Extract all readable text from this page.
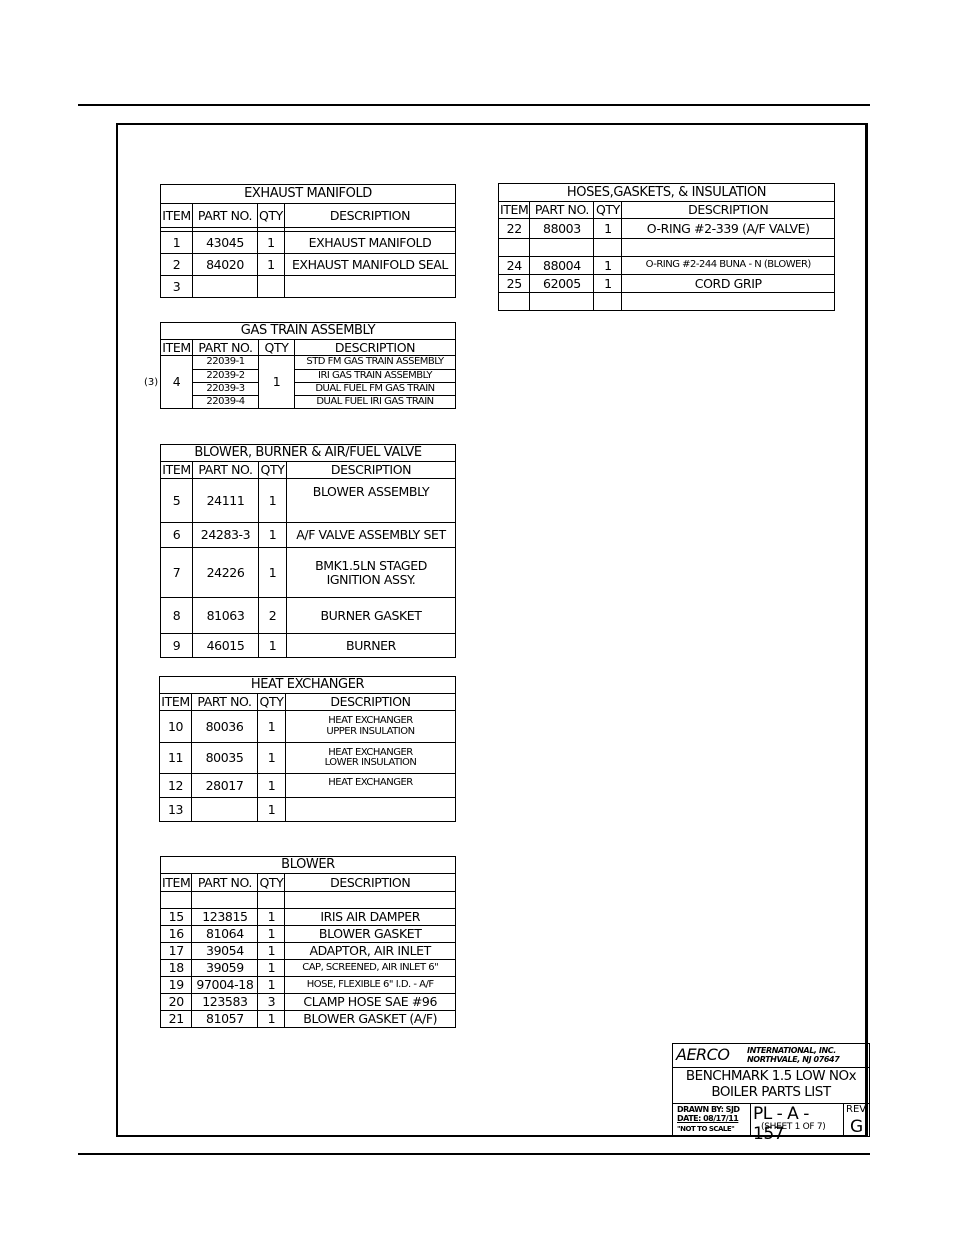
EXHAUST MANIFOLD			
ITEM	PART NO.	QTY	DESCRIPTION

1	43045	1	EXHAUST MANIFOLD
2	84020	1	EXHAUST MANIFOLD SEAL
3			
(3)
GAS TRAIN ASSEMBLY			
ITEM	PART NO.	QTY	DESCRIPTION
4	22039-1	1	STD FM GAS TRAIN ASSEMBLY
	22039-2		IRI GAS TRAIN ASSEMBLY
	22039-3		DUAL FUEL FM GAS TRAIN
	22039-4		DUAL FUEL IRI GAS TRAIN
BLOWER, BURNER & AIR/FUEL VALVE			
ITEM	PART NO.	QTY	DESCRIPTION
5	24111	1	BLOWER ASSEMBLY
6	24283-3	1	A/F VALVE ASSEMBLY SET
7	24226	1	BMK1.5LN STAGED
IGNITION ASSY.

8	81063	2	BURNER GASKET
9	46015	1	BURNER
HEAT EXCHANGER			
ITEM	PART NO.	QTY	DESCRIPTION
10	80036	1	HEAT EXCHANGER
UPPER INSULATION

11	80035	1	HEAT EXCHANGER
LOWER INSULATION

12	28017	1	HEAT EXCHANGER
13		1	
BLOWER			
ITEM	PART NO.	QTY	DESCRIPTION

15	123815	1	IRIS AIR DAMPER
16	81064	1	BLOWER GASKET
17	39054	1	ADAPTOR, AIR INLET
18	39059	1	CAP, SCREENED, AIR INLET 6"
19	97004-18	1	HOSE, FLEXIBLE 6" I.D. - A/F
20	123583	3	CLAMP HOSE SAE #96
21	81057	1	BLOWER GASKET (A/F)
HOSES,GASKETS, & INSULATION			
ITEM	PART NO.	QTY	DESCRIPTION
22	88003	1	O-RING #2-339 (A/F VALVE)

24	88004	1	O-RING #2-244 BUNA - N (BLOWER)
25	62005	1	CORD GRIP

AERCO INTERNATIONAL, INC.
NORTHVALE, NJ 07647
BENCHMARK 1.5 LOW NOx
BOILER PARTS LIST
DRAWN BY: SJD
DATE: 08/17/11
"NOT TO SCALE"
PL - A - 157
(SHEET 1 OF 7)
REV
G
